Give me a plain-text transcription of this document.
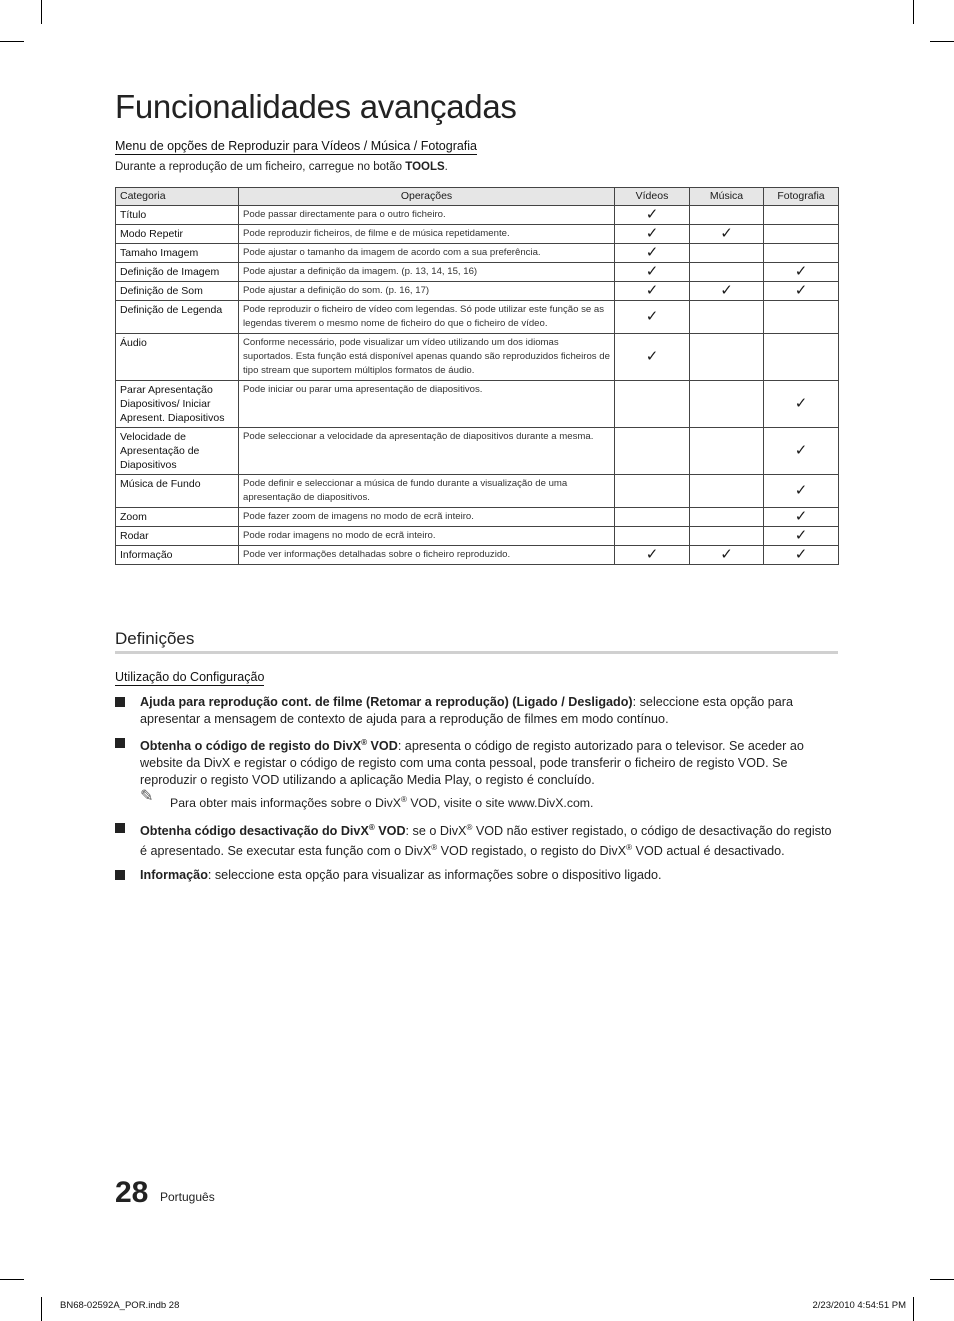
Funcionalidades avançadas
Menu de opções de Reproduzir para Vídeos / Música / Fotografia
Durante a reprodução de um ficheiro, carregue no botão TOOLS.
Categoria	Operações	Vídeos	Música	Fotografia
Título	Pode passar directamente para o outro ficheiro.	✓		
Modo Repetir	Pode reproduzir ficheiros, de filme e de música repetidamente.	✓	✓	
Tamaho Imagem	Pode ajustar o tamanho da imagem de acordo com a sua preferência.	✓		
Definição de Imagem	Pode ajustar a definição da imagem. (p. 13, 14, 15, 16)	✓		✓
Definição de Som	Pode ajustar a definição do som. (p. 16, 17)	✓	✓	✓
Definição de Legenda	Pode reproduzir o ficheiro de vídeo com legendas. Só pode utilizar este função se as legendas tiverem o mesmo nome de ficheiro do que o ficheiro de vídeo.	✓		
Áudio	Conforme necessário, pode visualizar um vídeo utilizando um dos idiomas suportados. Esta função está disponível apenas quando são reproduzidos ficheiros de tipo stream que suportem múltiplos formatos de áudio.	✓		
Parar Apresentação Diapositivos/ Iniciar Apresent. Diapositivos	Pode iniciar ou parar uma apresentação de diapositivos.			✓
Velocidade de Apresentação de Diapositivos	Pode seleccionar a velocidade da apresentação de diapositivos durante a mesma.			✓
Música de Fundo	Pode definir e seleccionar a música de fundo durante a visualização de uma apresentação de diapositivos.			✓
Zoom	Pode fazer zoom de imagens no modo de ecrã inteiro.			✓
Rodar	Pode rodar imagens no modo de ecrã inteiro.			✓
Informação	Pode ver informações detalhadas sobre o ficheiro reproduzido.	✓	✓	✓
Definições
Utilização do Configuração
Ajuda para reprodução cont. de filme (Retomar a reprodução) (Ligado / Desligado): seleccione esta opção para apresentar a mensagem de contexto de ajuda para a reprodução de filmes em modo contínuo.
Obtenha o código de registo do DivX® VOD: apresenta o código de registo autorizado para o televisor. Se aceder ao website da DivX e registar o código de registo com uma conta pessoal, pode transferir o ficheiro de registo VOD. Se reproduzir o registo VOD utilizando a aplicação Media Play, o registo é concluído.
✎ Para obter mais informações sobre o DivX® VOD, visite o site www.DivX.com.
Obtenha código desactivação do DivX® VOD: se o DivX® VOD não estiver registado, o código de desactivação do registo é apresentado. Se executar esta função com o DivX® VOD registado, o registo do DivX® VOD actual é desactivado.
Informação: seleccione esta opção para visualizar as informações sobre o dispositivo ligado.
28 Português
BN68-02592A_POR.indb 28	2/23/2010 4:54:51 PM
